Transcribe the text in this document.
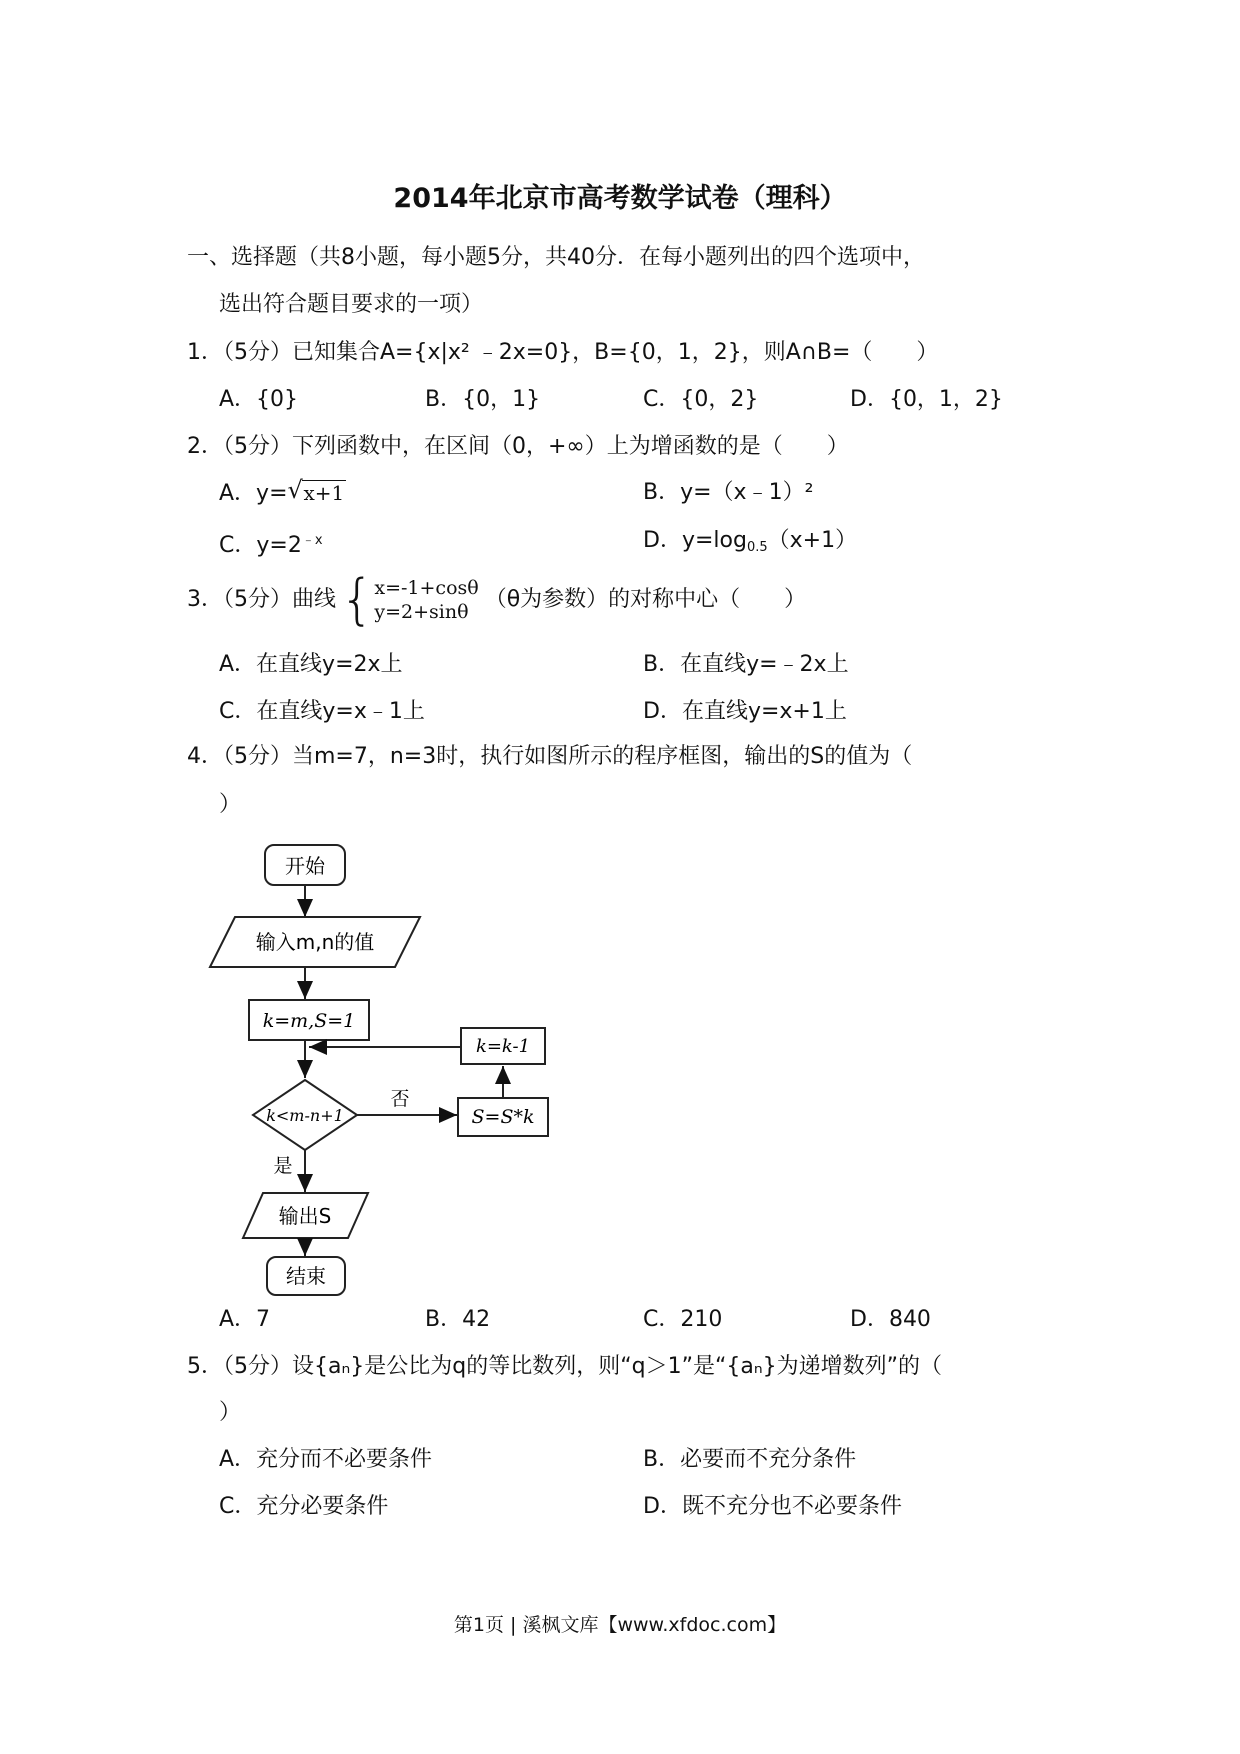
2014年北京市高考数学试卷（理科）
一、选择题（共8小题，每小题5分，共40分．在每小题列出的四个选项中，
选出符合题目要求的一项）
1．（5分）已知集合A={x|x² ﹣2x=0}，B={0，1，2}，则A∩B=（　　）
A．{0}	B．{0，1}	C．{0，2}	D．{0，1，2}
2．（5分）下列函数中，在区间（0，+∞）上为增函数的是（　　）
A．y= √ x+1	B．y=（x﹣1）²
C．$y=2^{﹣x}$	D．$y=\log_{0.5}(x+1)$
3．（5分）曲线{x=-1+cosθ
y=2+sinθ （θ为参数）的对称中心（　　）
A．在直线y=2x上	B．在直线y=﹣2x上
C．在直线y=x﹣1上	D．在直线y=x+1上
4．（5分）当m=7，n=3时，执行如图所示的程序框图，输出的S的值为（
）
开始
输入m,n的值
k=m,S=1
k<m-n+1
否
S=S*k
k=k-1
是
输出S
结束
A．7	B．42	C．210	D．840
5．（5分）设{aₙ}是公比为q的等比数列，则“q＞1”是“{aₙ}为递增数列”的（
）
A．充分而不必要条件	B．必要而不充分条件
C．充分必要条件	D．既不充分也不必要条件
第1页 | 溪枫文库【www.xfdoc.com】
